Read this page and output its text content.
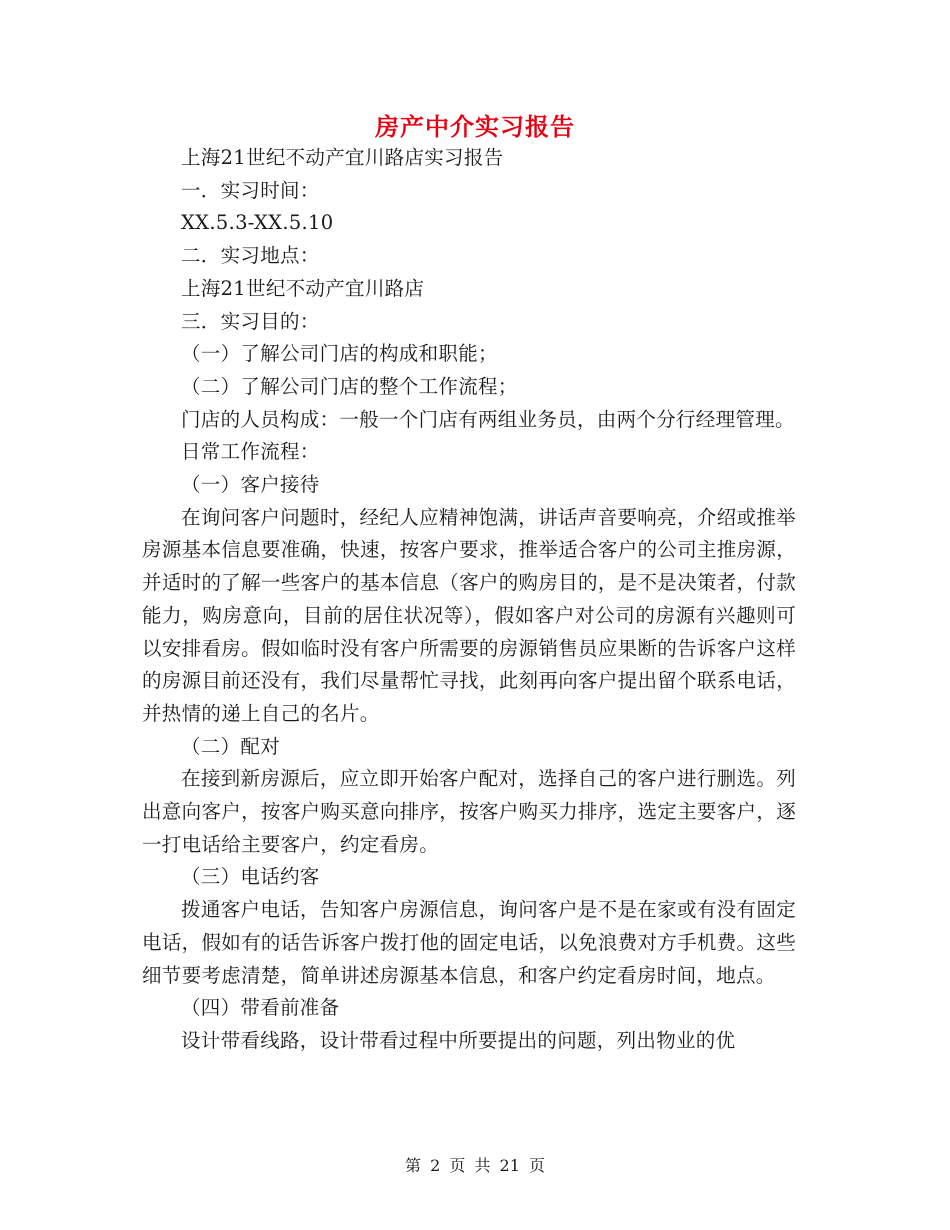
房产中介实习报告

上海21世纪不动产宜川路店实习报告

一．实习时间：

XX.5.3-XX.5.10

二．实习地点：

上海21世纪不动产宜川路店

三．实习目的：

（一）了解公司门店的构成和职能；

（二）了解公司门店的整个工作流程；

门店的人员构成：一般一个门店有两组业务员，由两个分行经理管理。

日常工作流程：

（一）客户接待

在询问客户问题时，经纪人应精神饱满，讲话声音要响亮，介绍或推举房源基本信息要准确，快速，按客户要求，推举适合客户的公司主推房源，并适时的了解一些客户的基本信息（客户的购房目的，是不是决策者，付款能力，购房意向，目前的居住状况等），假如客户对公司的房源有兴趣则可以安排看房。假如临时没有客户所需要的房源销售员应果断的告诉客户这样的房源目前还没有，我们尽量帮忙寻找，此刻再向客户提出留个联系电话，并热情的递上自己的名片。

（二）配对

在接到新房源后，应立即开始客户配对，选择自己的客户进行删选。列出意向客户，按客户购买意向排序，按客户购买力排序，选定主要客户，逐一打电话给主要客户，约定看房。

（三）电话约客

拨通客户电话，告知客户房源信息，询问客户是不是在家或有没有固定电话，假如有的话告诉客户拨打他的固定电话，以免浪费对方手机费。这些细节要考虑清楚，简单讲述房源基本信息，和客户约定看房时间，地点。

（四）带看前准备

设计带看线路，设计带看过程中所要提出的问题，列出物业的优

第 2 页 共 21 页
